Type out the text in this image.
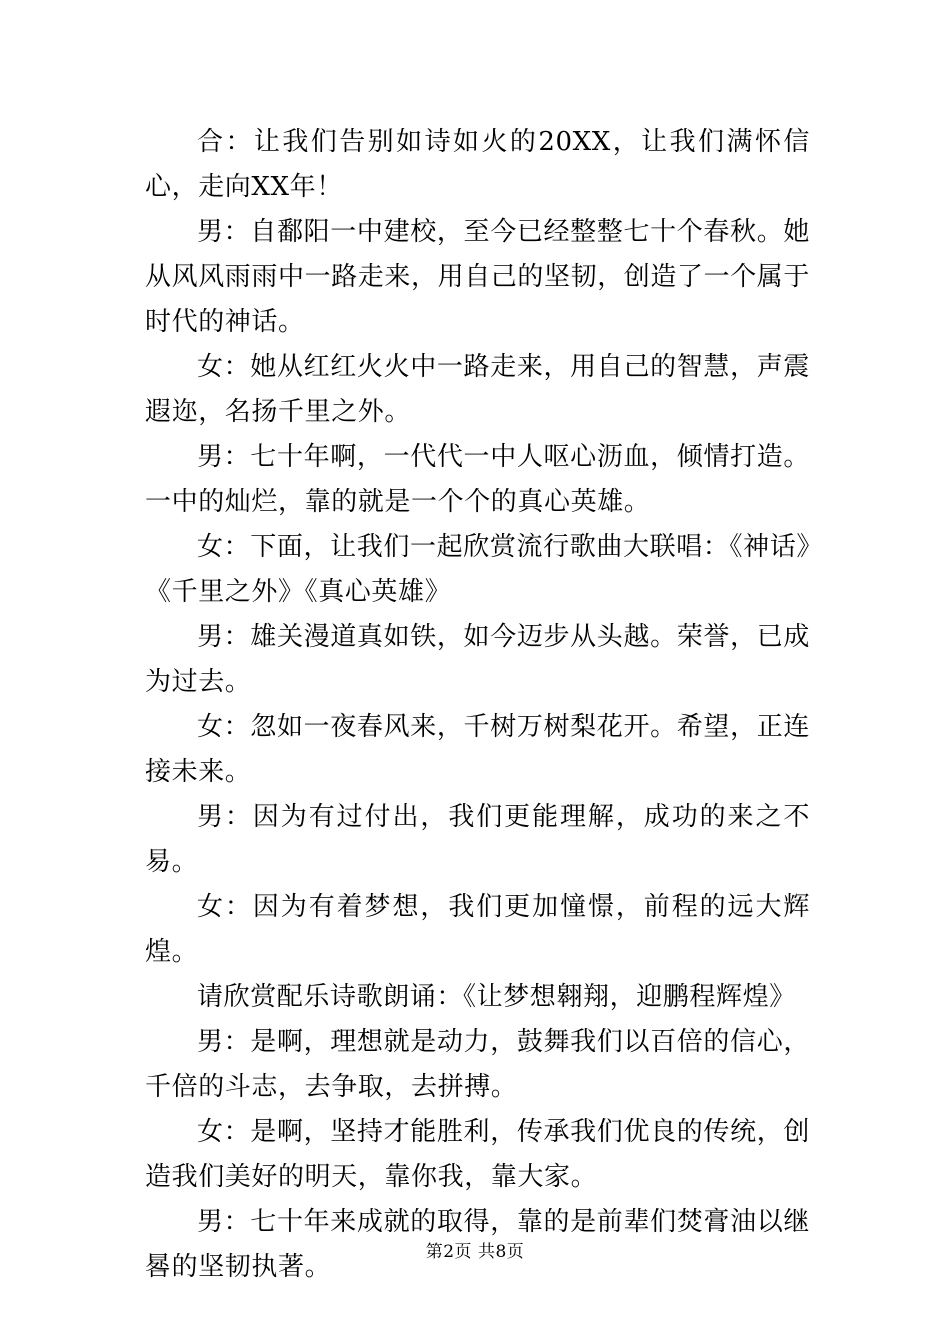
合：让我们告别如诗如火的20XX，让我们满怀信心，走向XX年！

男：自鄱阳一中建校，至今已经整整七十个春秋。她从风风雨雨中一路走来，用自己的坚韧，创造了一个属于时代的神话。

女：她从红红火火中一路走来，用自己的智慧，声震遐迩，名扬千里之外。

男：七十年啊，一代代一中人呕心沥血，倾情打造。一中的灿烂，靠的就是一个个的真心英雄。

女：下面，让我们一起欣赏流行歌曲大联唱：《神话》《千里之外》《真心英雄》

男：雄关漫道真如铁，如今迈步从头越。荣誉，已成为过去。

女：忽如一夜春风来，千树万树梨花开。希望，正连接未来。

男：因为有过付出，我们更能理解，成功的来之不易。

女：因为有着梦想，我们更加憧憬，前程的远大辉煌。

请欣赏配乐诗歌朗诵：《让梦想翱翔，迎鹏程辉煌》

男：是啊，理想就是动力，鼓舞我们以百倍的信心，千倍的斗志，去争取，去拼搏。

女：是啊，坚持才能胜利，传承我们优良的传统，创造我们美好的明天，靠你我，靠大家。

男：七十年来成就的取得，靠的是前辈们焚膏油以继晷的坚韧执著。	第2页 共8页
